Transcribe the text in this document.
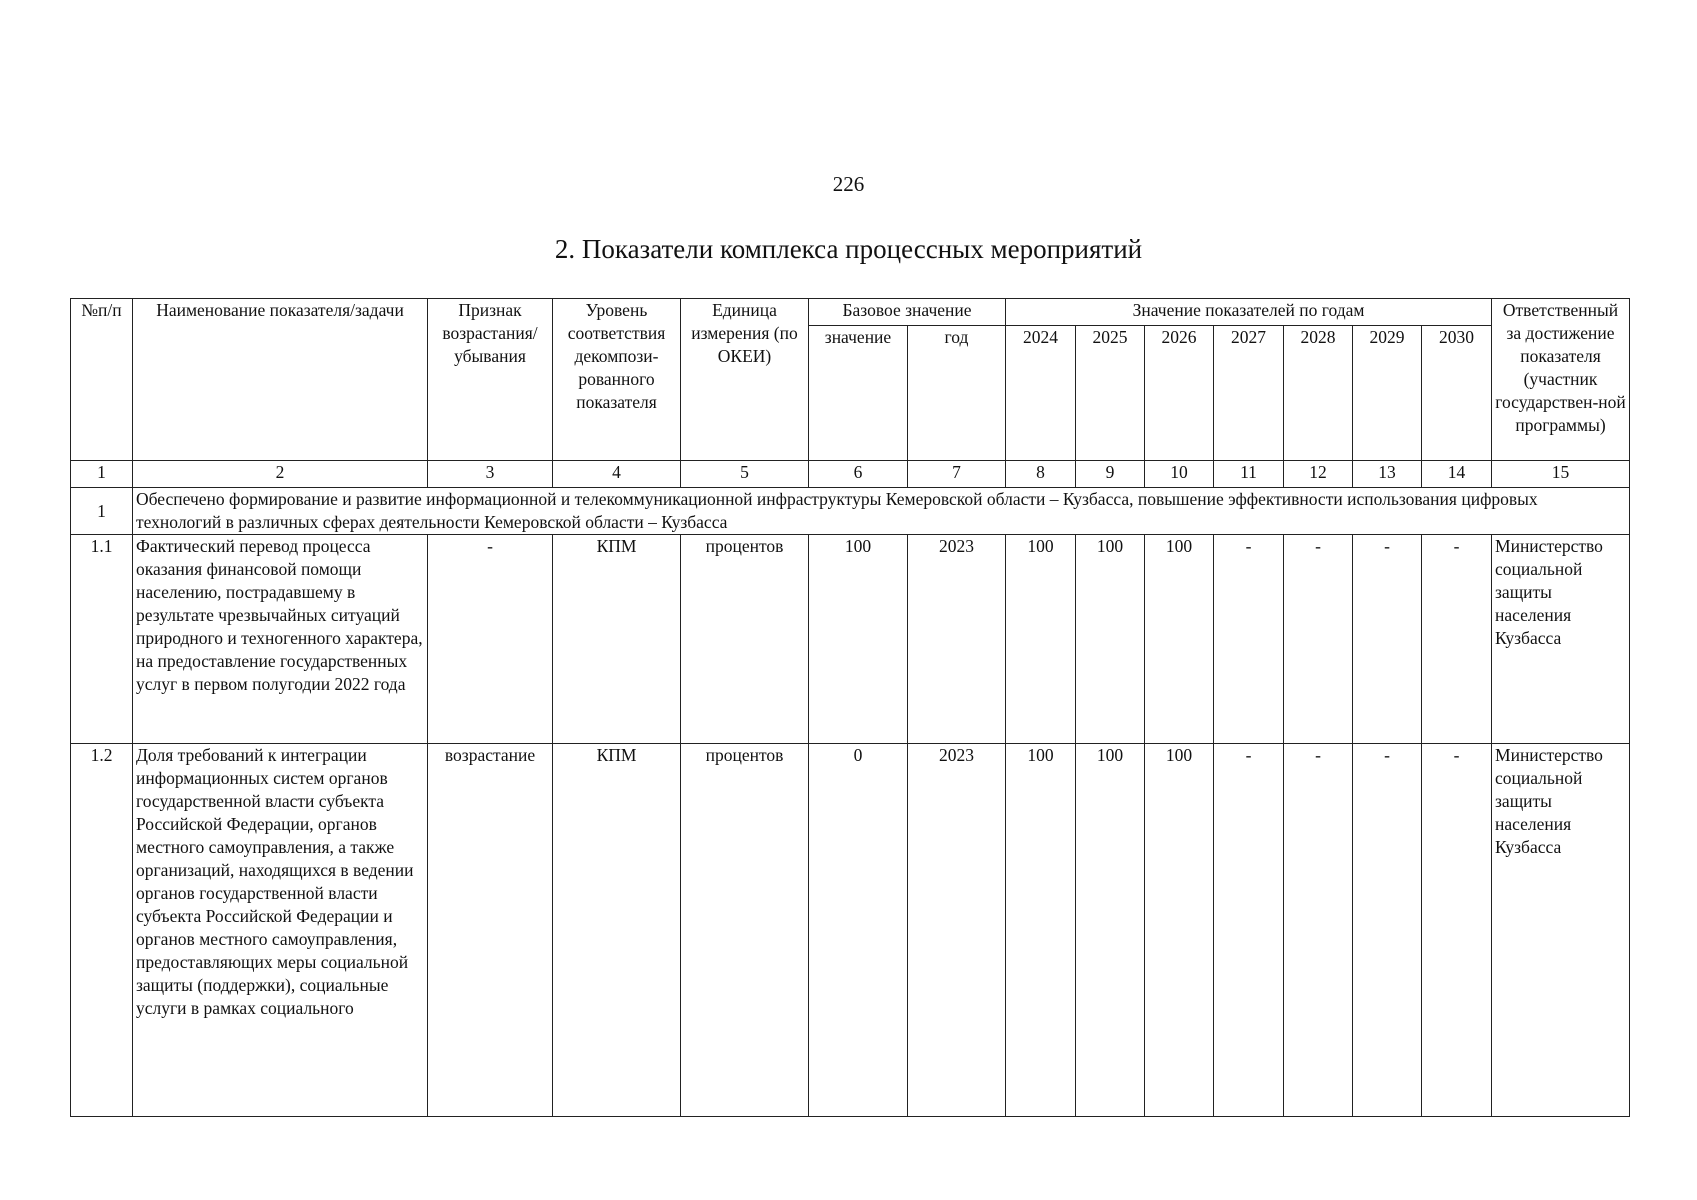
226
2. Показатели комплекса процессных мероприятий
№п/п	Наименование показателя/задачи	Признак возрастания/ убывания	Уровень соответствия декомпози-рованного показателя	Единица измерения (по ОКЕИ)	Базовое значение		Значение показателей по годам							Ответственный за достижение показателя (участник государствен-ной программы)
					значение	год	2024	2025	2026	2027	2028	2029	2030	
1	2	3	4	5	6	7	8	9	10	11	12	13	14	15
1	Обеспечено формирование и развитие информационной и телекоммуникационной инфраструктуры Кемеровской области – Кузбасса, повышение эффективности использования цифровых технологий в различных сферах деятельности Кемеровской области – Кузбасса													
1.1	Фактический перевод процесса оказания финансовой помощи населению, пострадавшему в результате чрезвычайных ситуаций природного и техногенного характера, на предоставление государственных услуг в первом полугодии 2022 года	-	КПМ	процентов	100	2023	100	100	100	-	-	-	-	Министерство социальной защиты населения Кузбасса
1.2	Доля требований к интеграции информационных систем органов государственной власти субъекта Российской Федерации, органов местного самоуправления, а также организаций, находящихся в ведении органов государственной власти субъекта Российской Федерации и органов местного самоуправления, предоставляющих меры социальной защиты (поддержки), социальные услуги в рамках социального	возрастание	КПМ	процентов	0	2023	100	100	100	-	-	-	-	Министерство социальной защиты населения Кузбасса
